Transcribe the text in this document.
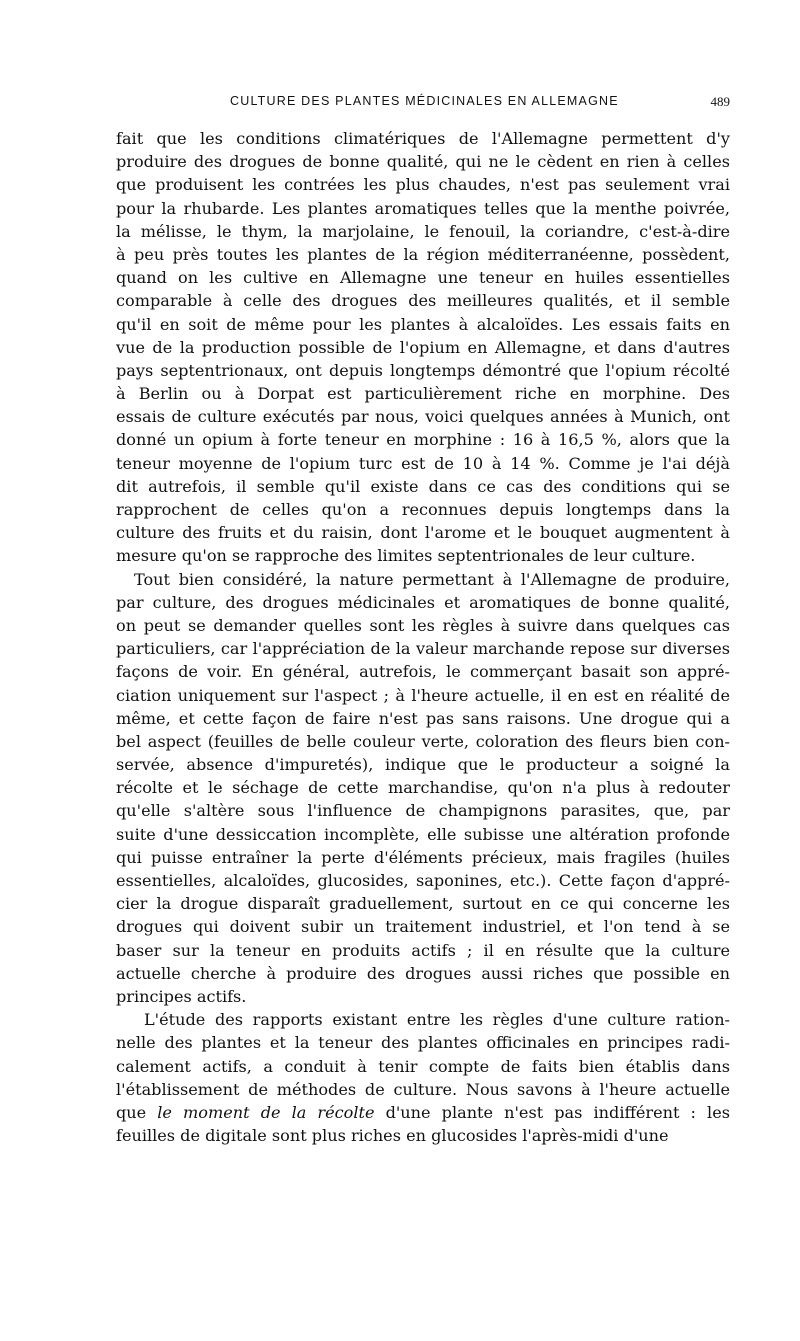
CULTURE DES PLANTES MÉDICINALES EN ALLEMAGNE	489
fait que les conditions climatériques de l'Allemagne permettent d'y
produire des drogues de bonne qualité, qui ne le cèdent en rien à celles
que produisent les contrées les plus chaudes, n'est pas seulement vrai
pour la rhubarde. Les plantes aromatiques telles que la menthe poivrée,
la mélisse, le thym, la marjolaine, le fenouil, la coriandre, c'est-à-dire
à peu près toutes les plantes de la région méditerranéenne, possèdent,
quand on les cultive en Allemagne une teneur en huiles essentielles
comparable à celle des drogues des meilleures qualités, et il semble
qu'il en soit de même pour les plantes à alcaloïdes. Les essais faits en
vue de la production possible de l'opium en Allemagne, et dans d'autres
pays septentrionaux, ont depuis longtemps démontré que l'opium récolté
à Berlin ou à Dorpat est particulièrement riche en morphine. Des
essais de culture exécutés par nous, voici quelques années à Munich, ont
donné un opium à forte teneur en morphine : 16 à 16,5 %, alors que la
teneur moyenne de l'opium turc est de 10 à 14 %. Comme je l'ai déjà
dit autrefois, il semble qu'il existe dans ce cas des conditions qui se
rapprochent de celles qu'on a reconnues depuis longtemps dans la
culture des fruits et du raisin, dont l'arome et le bouquet augmentent à
mesure qu'on se rapproche des limites septentrionales de leur culture.
Tout bien considéré, la nature permettant à l'Allemagne de produire,
par culture, des drogues médicinales et aromatiques de bonne qualité,
on peut se demander quelles sont les règles à suivre dans quelques cas
particuliers, car l'appréciation de la valeur marchande repose sur diverses
façons de voir. En général, autrefois, le commerçant basait son appré-
ciation uniquement sur l'aspect ; à l'heure actuelle, il en est en réalité de
même, et cette façon de faire n'est pas sans raisons. Une drogue qui a
bel aspect (feuilles de belle couleur verte, coloration des fleurs bien con-
servée, absence d'impuretés), indique que le producteur a soigné la
récolte et le séchage de cette marchandise, qu'on n'a plus à redouter
qu'elle s'altère sous l'influence de champignons parasites, que, par
suite d'une dessiccation incomplète, elle subisse une altération profonde
qui puisse entraîner la perte d'éléments précieux, mais fragiles (huiles
essentielles, alcaloïdes, glucosides, saponines, etc.). Cette façon d'appré-
cier la drogue disparaît graduellement, surtout en ce qui concerne les
drogues qui doivent subir un traitement industriel, et l'on tend à se
baser sur la teneur en produits actifs ; il en résulte que la culture
actuelle cherche à produire des drogues aussi riches que possible en
principes actifs.
L'étude des rapports existant entre les règles d'une culture ration-
nelle des plantes et la teneur des plantes officinales en principes radi-
calement actifs, a conduit à tenir compte de faits bien établis dans
l'établissement de méthodes de culture. Nous savons à l'heure actuelle
que le moment de la récolte d'une plante n'est pas indifférent : les
feuilles de digitale sont plus riches en glucosides l'après-midi d'une
